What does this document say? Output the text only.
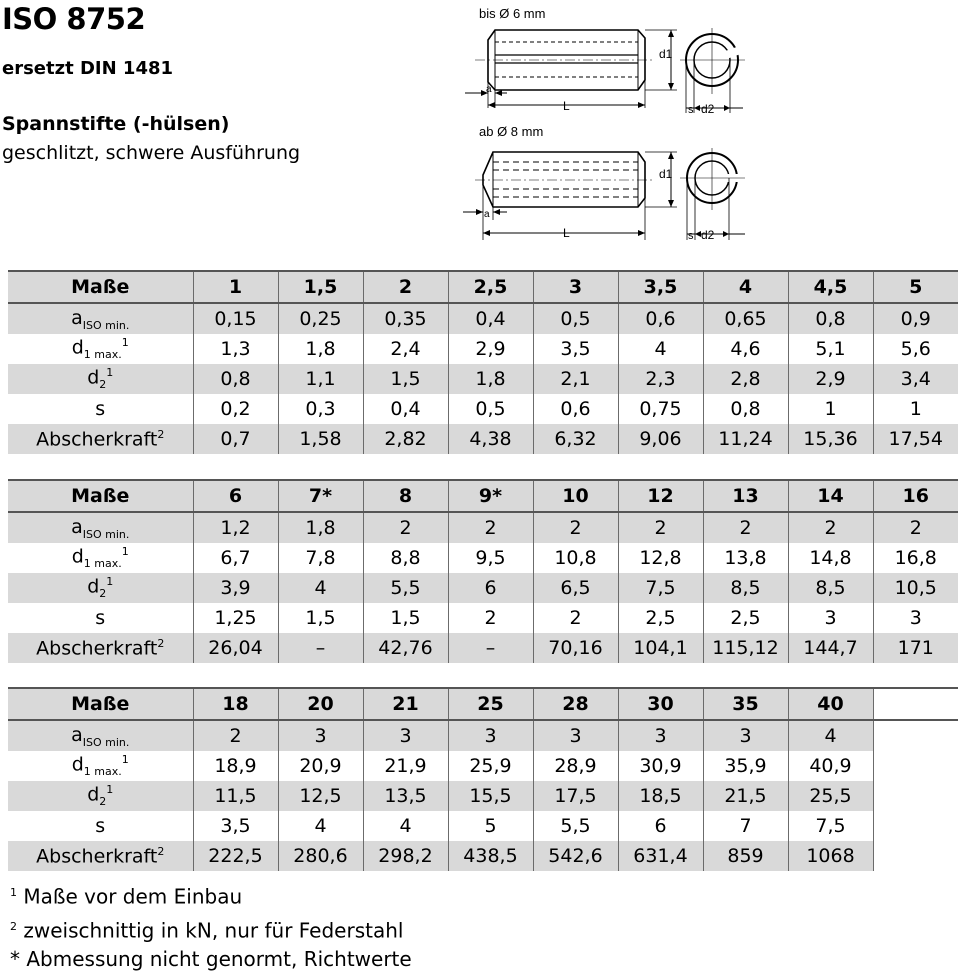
ISO 8752
ersetzt DIN 1481
Spannstifte (-hülsen)
geschlitzt, schwere Ausführung
bis Ø 6 mm
ab Ø 8 mm
a
L
d1
s d2
a
L
d1
s d2
Maße	1	1,5	2	2,5	3	3,5	4	4,5	5
$a_{ISO min.}$	0,15	0,25	0,35	0,4	0,5	0,6	0,65	0,8	0,9
$d_{1 max.}^1$	1,3	1,8	2,4	2,9	3,5	4	4,6	5,1	5,6
$d_2^1$	0,8	1,1	1,5	1,8	2,1	2,3	2,8	2,9	3,4
s	0,2	0,3	0,4	0,5	0,6	0,75	0,8	1	1
Abscherkraft$^2$	0,7	1,58	2,82	4,38	6,32	9,06	11,24	15,36	17,54
Maße	6	7*	8	9*	10	12	13	14	16
$a_{ISO min.}$	1,2	1,8	2	2	2	2	2	2	2
$d_{1 max.}^1$	6,7	7,8	8,8	9,5	10,8	12,8	13,8	14,8	16,8
$d_2^1$	3,9	4	5,5	6	6,5	7,5	8,5	8,5	10,5
s	1,25	1,5	1,5	2	2	2,5	2,5	3	3
Abscherkraft$^2$	26,04	–	42,76	–	70,16	104,1	115,12	144,7	171
Maße	18	20	21	25	28	30	35	40	
$a_{ISO min.}$	2	3	3	3	3	3	3	4	
$d_{1 max.}^1$	18,9	20,9	21,9	25,9	28,9	30,9	35,9	40,9	
$d_2^1$	11,5	12,5	13,5	15,5	17,5	18,5	21,5	25,5	
s	3,5	4	4	5	5,5	6	7	7,5	
Abscherkraft$^2$	222,5	280,6	298,2	438,5	542,6	631,4	859	1068	
$^1$ Maße vor dem Einbau
$^2$ zweischnittig in kN, nur für Federstahl
* Abmessung nicht genormt, Richtwerte
